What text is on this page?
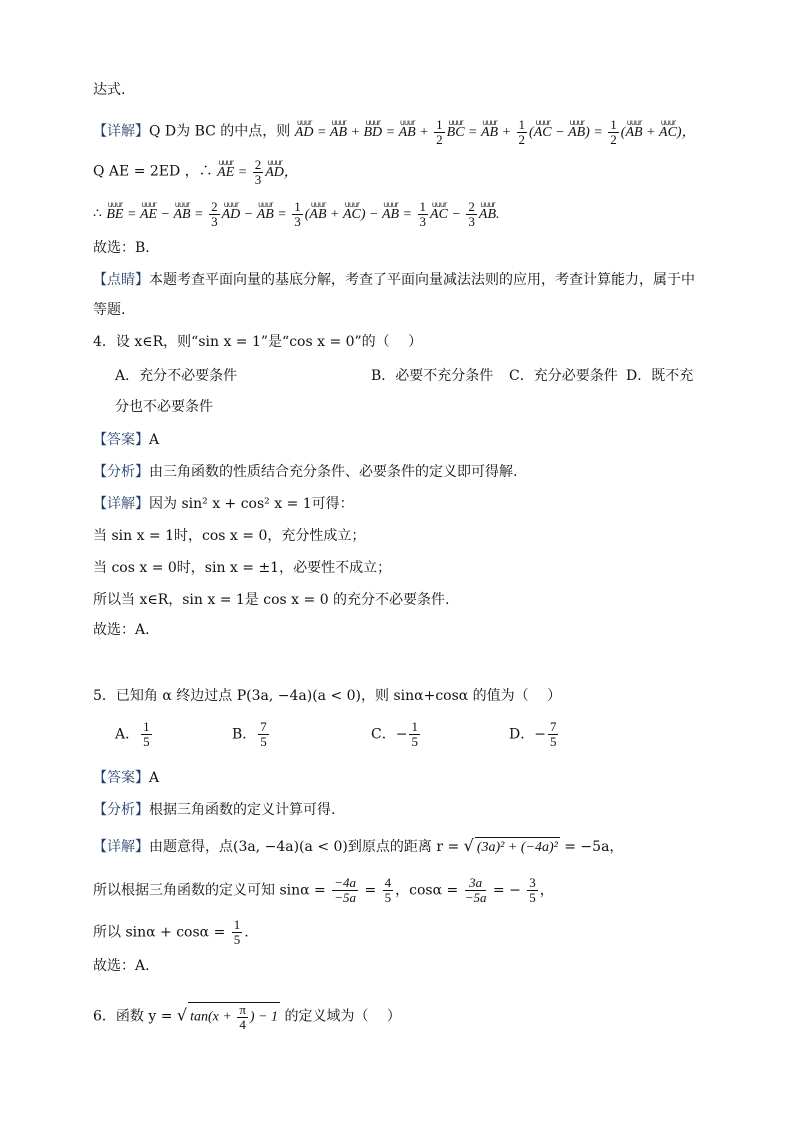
达式.
【详解】Q D为 BC 的中点，则 uuur AD = uuur AB + uuur BD = uuur AB + $\frac{1}{2}$ uuur BC = uuur AB + $\frac{1}{2}$ (uuur AC − uuur $AB) = \frac{1}{2}$ (uuur AB + uuur AC)，
Q AE = 2ED ，∴ uuur AE = $\frac{2}{3}$ uuur AD，
∴ uuur BE = uuur AE − uuur AB = $\frac{2}{3}$ uuur AD − uuur AB = $\frac{1}{3}$ (uuur AB + uuur AC) − uuur AB = $\frac{1}{3}$ uuur AC − $\frac{2}{3}$ uuur AB.
故选：B.
【点睛】本题考查平面向量的基底分解，考查了平面向量减法法则的应用，考查计算能力，属于中
等题.
4．设 x∈R，则“sin x = 1”是“cos x = 0”的（　 ）
A．充分不必要条件	B．必要不充分条件 C．充分必要条件 D．既不充
分也不必要条件
【答案】A
【分析】由三角函数的性质结合充分条件、必要条件的定义即可得解.
【详解】因为 sin² x + cos² x = 1可得：
当 sin x = 1时，cos x = 0，充分性成立；
当 cos x = 0时，sin x = ±1，必要性不成立；
所以当 x∈R，sin x = 1是 cos x = 0 的充分不必要条件.
故选：A.
5．已知角 α 终边过点 P(3a, −4a)(a < 0)，则 sinα+cosα 的值为（　 ）
A． $\frac{1}{5}$	B． $\frac{7}{5}$	C．− $\frac{1}{5}$	D．− $\frac{7}{5}$
【答案】A
【分析】根据三角函数的定义计算可得.
【详解】由题意得，点(3a, −4a)(a < 0)到原点的距离 r = √ (3a)² + (−4a)² = −5a，
所以根据三角函数的定义可知 $\sin\alpha = \frac{-4a}{-5a} = \frac{4}{5}$ ，$\cos\alpha = \frac{3a}{-5a}$ = − $\frac{3}{5}$ ，
所以 $\sin\alpha + \cos\alpha = \frac{1}{5}$ .
故选：A.
6．函数 y = √ $\tan(x + \frac{\pi}{4}$ ) − 1 的定义域为（　 ）
